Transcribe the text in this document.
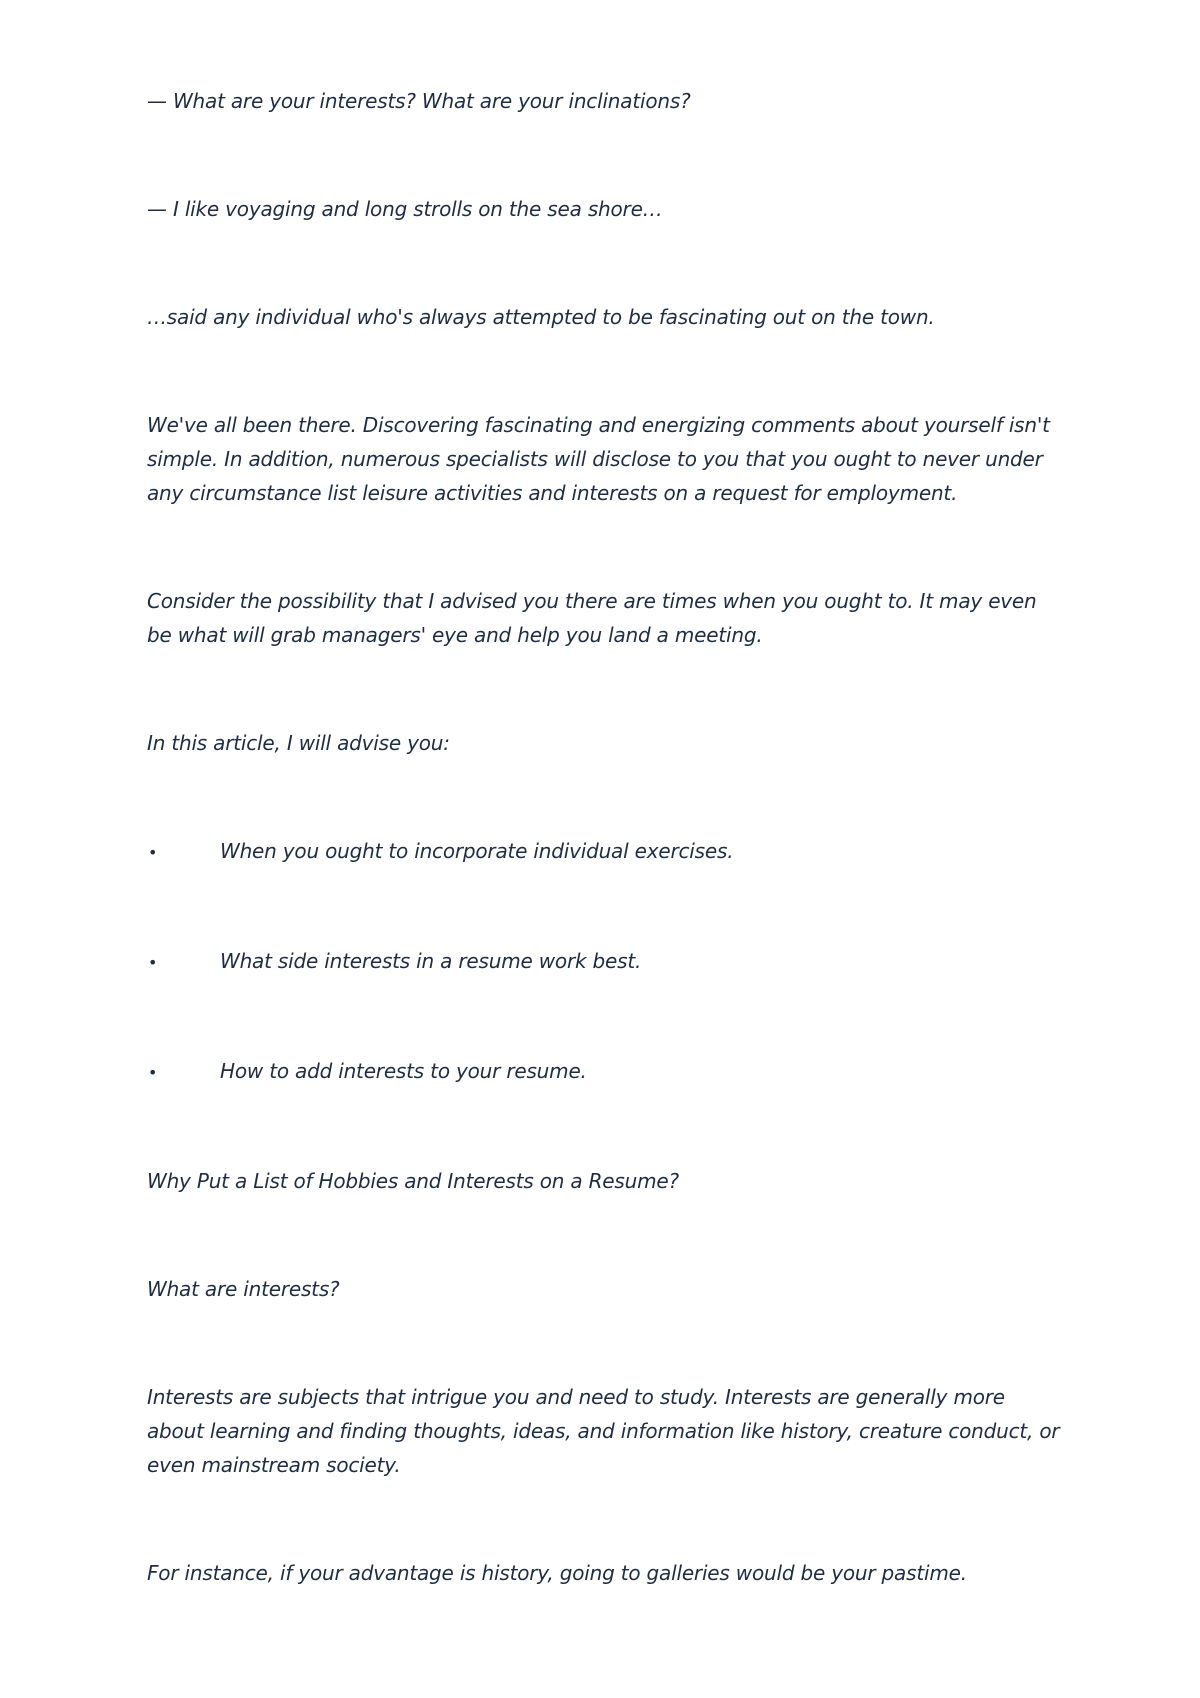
— What are your interests? What are your inclinations?

— I like voyaging and long strolls on the sea shore…

…said any individual who's always attempted to be fascinating out on the town.

We've all been there. Discovering fascinating and energizing comments about yourself isn't simple. In addition, numerous specialists will disclose to you that you ought to never under any circumstance list leisure activities and interests on a request for employment.

Consider the possibility that I advised you there are times when you ought to. It may even be what will grab managers' eye and help you land a meeting.

In this article, I will advise you:

•	When you ought to incorporate individual exercises.
•	What side interests in a resume work best.
•	How to add interests to your resume.

Why Put a List of Hobbies and Interests on a Resume?

What are interests?

Interests are subjects that intrigue you and need to study. Interests are generally more about learning and finding thoughts, ideas, and information like history, creature conduct, or even mainstream society.

For instance, if your advantage is history, going to galleries would be your pastime.
